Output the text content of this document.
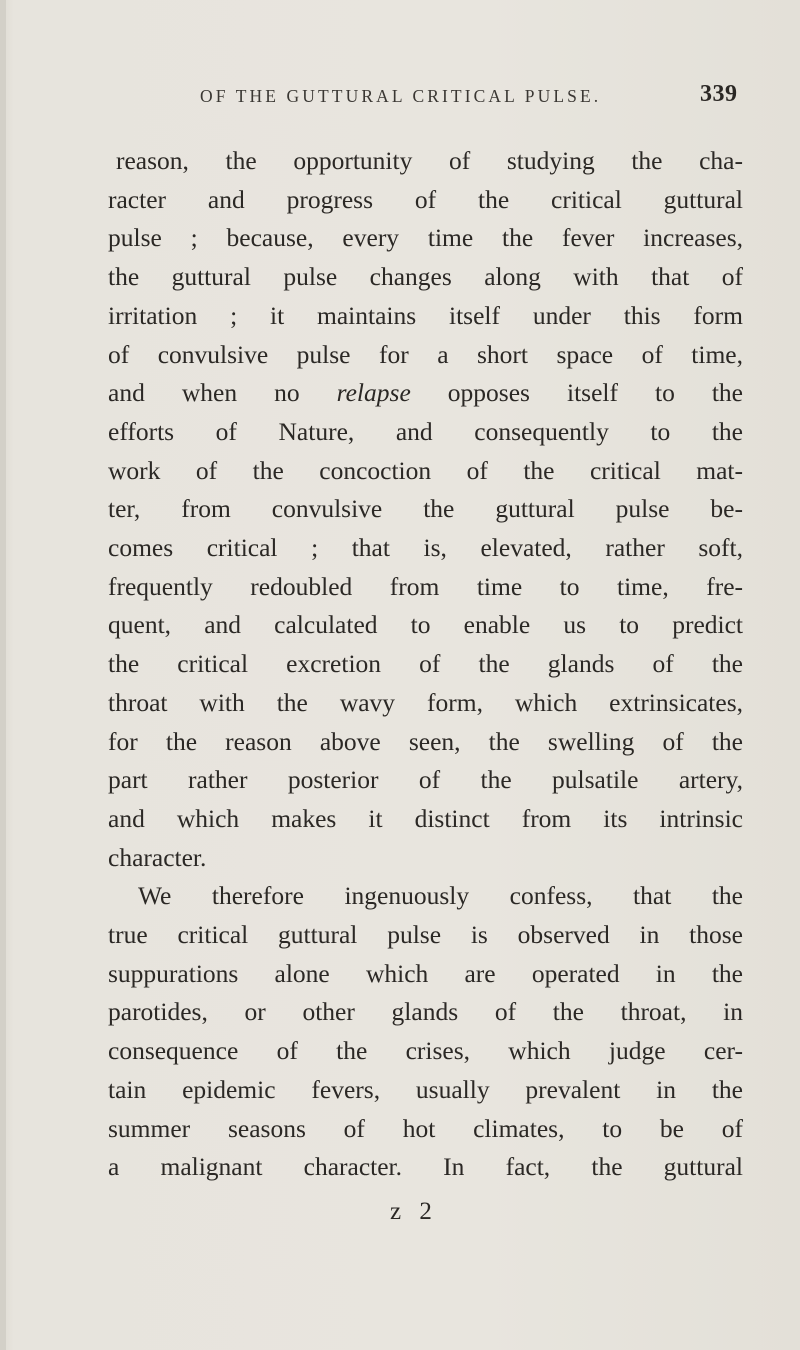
OF THE GUTTURAL CRITICAL PULSE.	339

reason, the opportunity of studying the cha-
racter and progress of the critical guttural
pulse ; because, every time the fever increases,
the guttural pulse changes along with that of
irritation ; it maintains itself under this form
of convulsive pulse for a short space of time,
and when no relapse opposes itself to the
efforts of Nature, and consequently to the
work of the concoction of the critical mat-
ter, from convulsive the guttural pulse be-
comes critical ; that is, elevated, rather soft,
frequently redoubled from time to time, fre-
quent, and calculated to enable us to predict
the critical excretion of the glands of the
throat with the wavy form, which extrinsicates,
for the reason above seen, the swelling of the
part rather posterior of the pulsatile artery,
and which makes it distinct from its intrinsic
character.

We therefore ingenuously confess, that the
true critical guttural pulse is observed in those
suppurations alone which are operated in the
parotides, or other glands of the throat, in
consequence of the crises, which judge cer-
tain epidemic fevers, usually prevalent in the
summer seasons of hot climates, to be of
a malignant character. In fact, the guttural

z 2
